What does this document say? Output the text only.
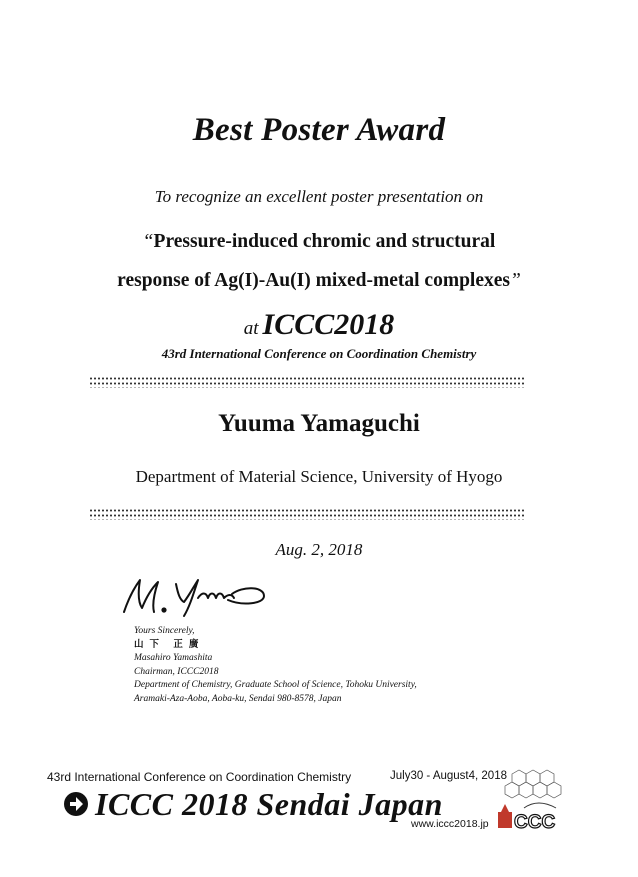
Best Poster Award
To recognize an excellent poster presentation on
“Pressure-induced chromic and structural
response of Ag(I)-Au(I) mixed-metal complexes”
at ICCC2018
43rd International Conference on Coordination Chemistry
Yuuma Yamaguchi
Department of Material Science, University of Hyogo
Aug. 2, 2018
Yours Sincerely,
山下 正廣
Masahiro Yamashita
Chairman, ICCC2018
Department of Chemistry, Graduate School of Science, Tohoku University,
Aramaki-Aza-Aoba, Aoba-ku, Sendai 980-8578, Japan
43rd International Conference on Coordination Chemistry	July30 - August4, 2018
ICCC 2018 Sendai Japan
www.iccc2018.jp CCC
